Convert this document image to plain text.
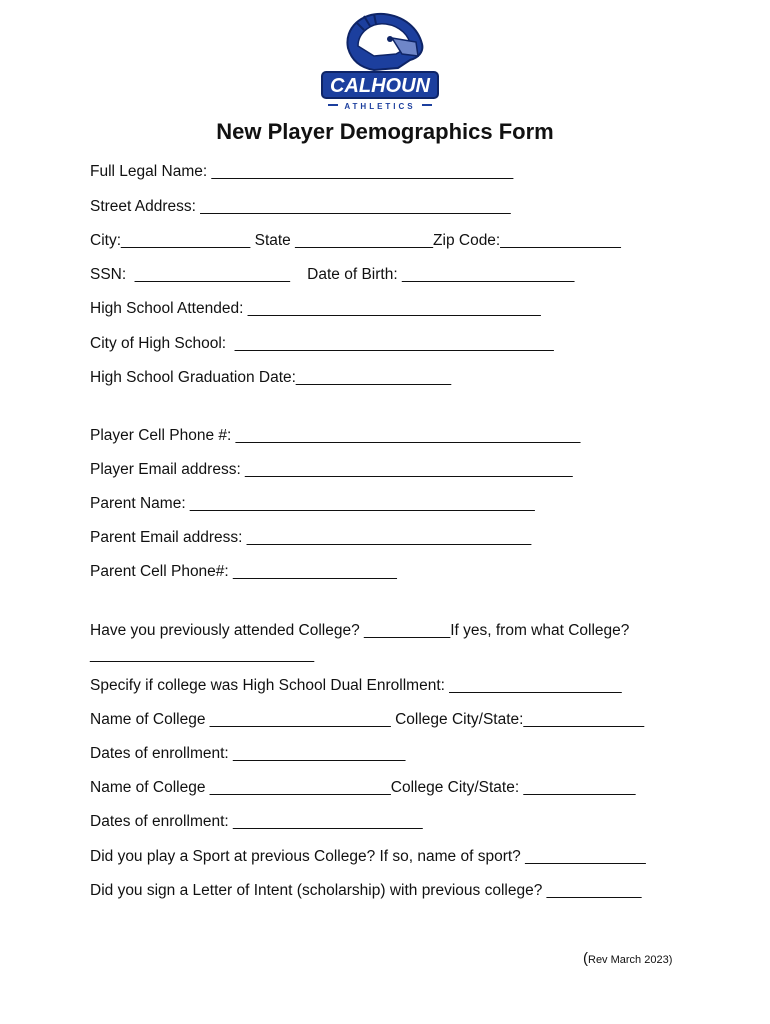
CALHOUN
ATHLETICS
New Player Demographics Form
Full Legal Name: ___________________________________
Street Address: ____________________________________
City:_______________ State ________________Zip Code:______________
SSN:  __________________    Date of Birth: ____________________
High School Attended: __________________________________
City of High School:  _____________________________________
High School Graduation Date:__________________
Player Cell Phone #: ________________________________________
Player Email address: ______________________________________
Parent Name: ________________________________________
Parent Email address: _________________________________
Parent Cell Phone#: ___________________
Have you previously attended College? __________If yes, from what College?
__________________________
Specify if college was High School Dual Enrollment: ____________________
Name of College _____________________ College City/State:______________
Dates of enrollment: ____________________
Name of College _____________________College City/State: _____________
Dates of enrollment: ______________________
Did you play a Sport at previous College? If so, name of sport? ______________
Did you sign a Letter of Intent (scholarship) with previous college? ___________
(Rev March 2023)
